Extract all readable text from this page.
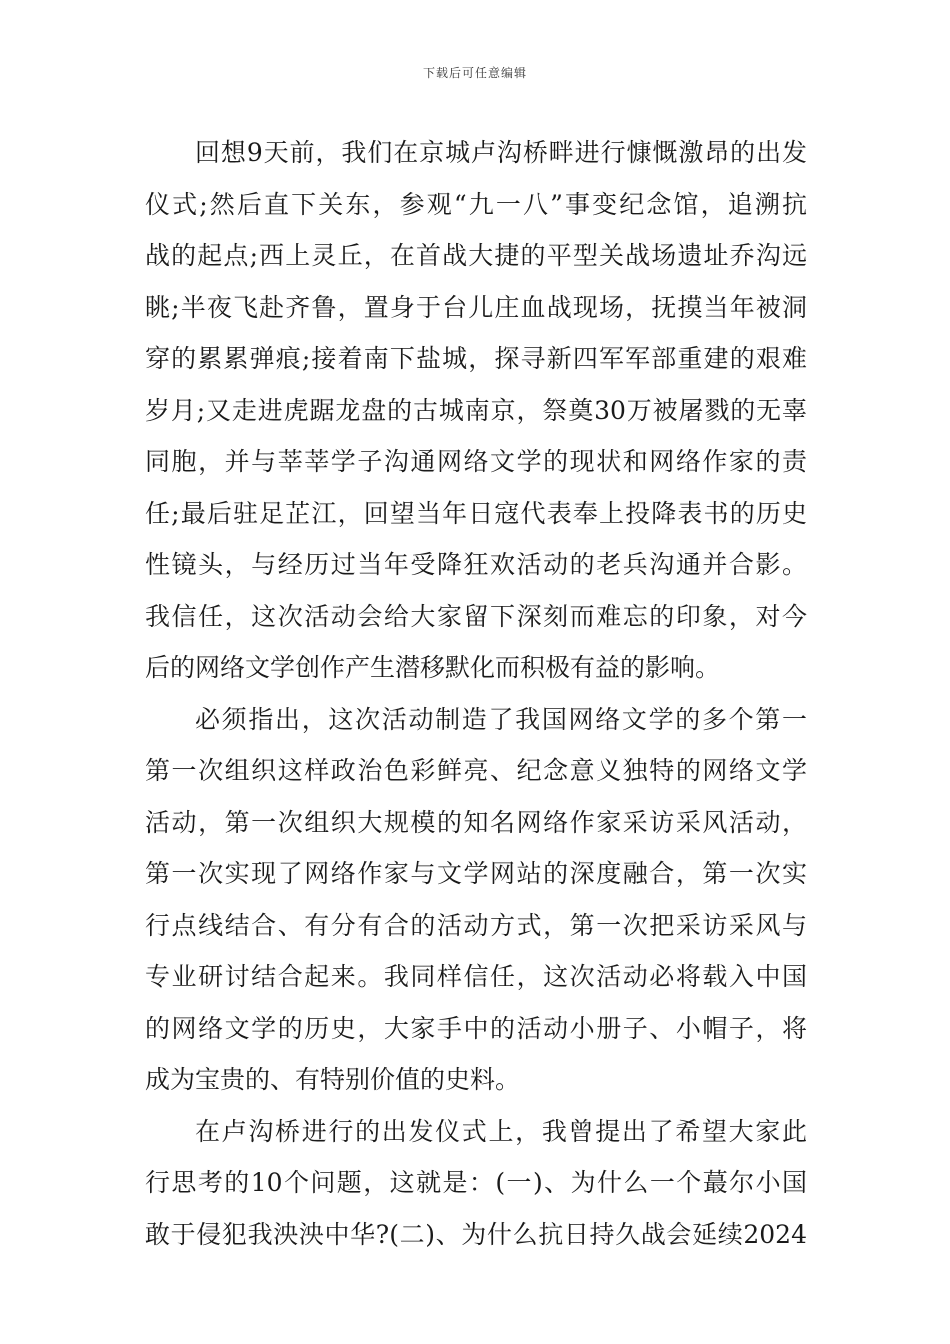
下载后可任意编辑
回想9天前，我们在京城卢沟桥畔进行慷慨激昂的出发
仪式;然后直下关东，参观“九一八”事变纪念馆，追溯抗
战的起点;西上灵丘，在首战大捷的平型关战场遗址乔沟远
眺;半夜飞赴齐鲁，置身于台儿庄血战现场，抚摸当年被洞
穿的累累弹痕;接着南下盐城，探寻新四军军部重建的艰难
岁月;又走进虎踞龙盘的古城南京，祭奠30万被屠戮的无辜
同胞，并与莘莘学子沟通网络文学的现状和网络作家的责
任;最后驻足芷江，回望当年日寇代表奉上投降表书的历史
性镜头，与经历过当年受降狂欢活动的老兵沟通并合影。
我信任，这次活动会给大家留下深刻而难忘的印象，对今
后的网络文学创作产生潜移默化而积极有益的影响。
必须指出，这次活动制造了我国网络文学的多个第一
第一次组织这样政治色彩鲜亮、纪念意义独特的网络文学
活动，第一次组织大规模的知名网络作家采访采风活动，
第一次实现了网络作家与文学网站的深度融合，第一次实
行点线结合、有分有合的活动方式，第一次把采访采风与
专业研讨结合起来。我同样信任，这次活动必将载入中国
的网络文学的历史，大家手中的活动小册子、小帽子，将
成为宝贵的、有特别价值的史料。
在卢沟桥进行的出发仪式上，我曾提出了希望大家此
行思考的10个问题，这就是：(一)、为什么一个蕞尔小国
敢于侵犯我泱泱中华?(二)、为什么抗日持久战会延续2024
